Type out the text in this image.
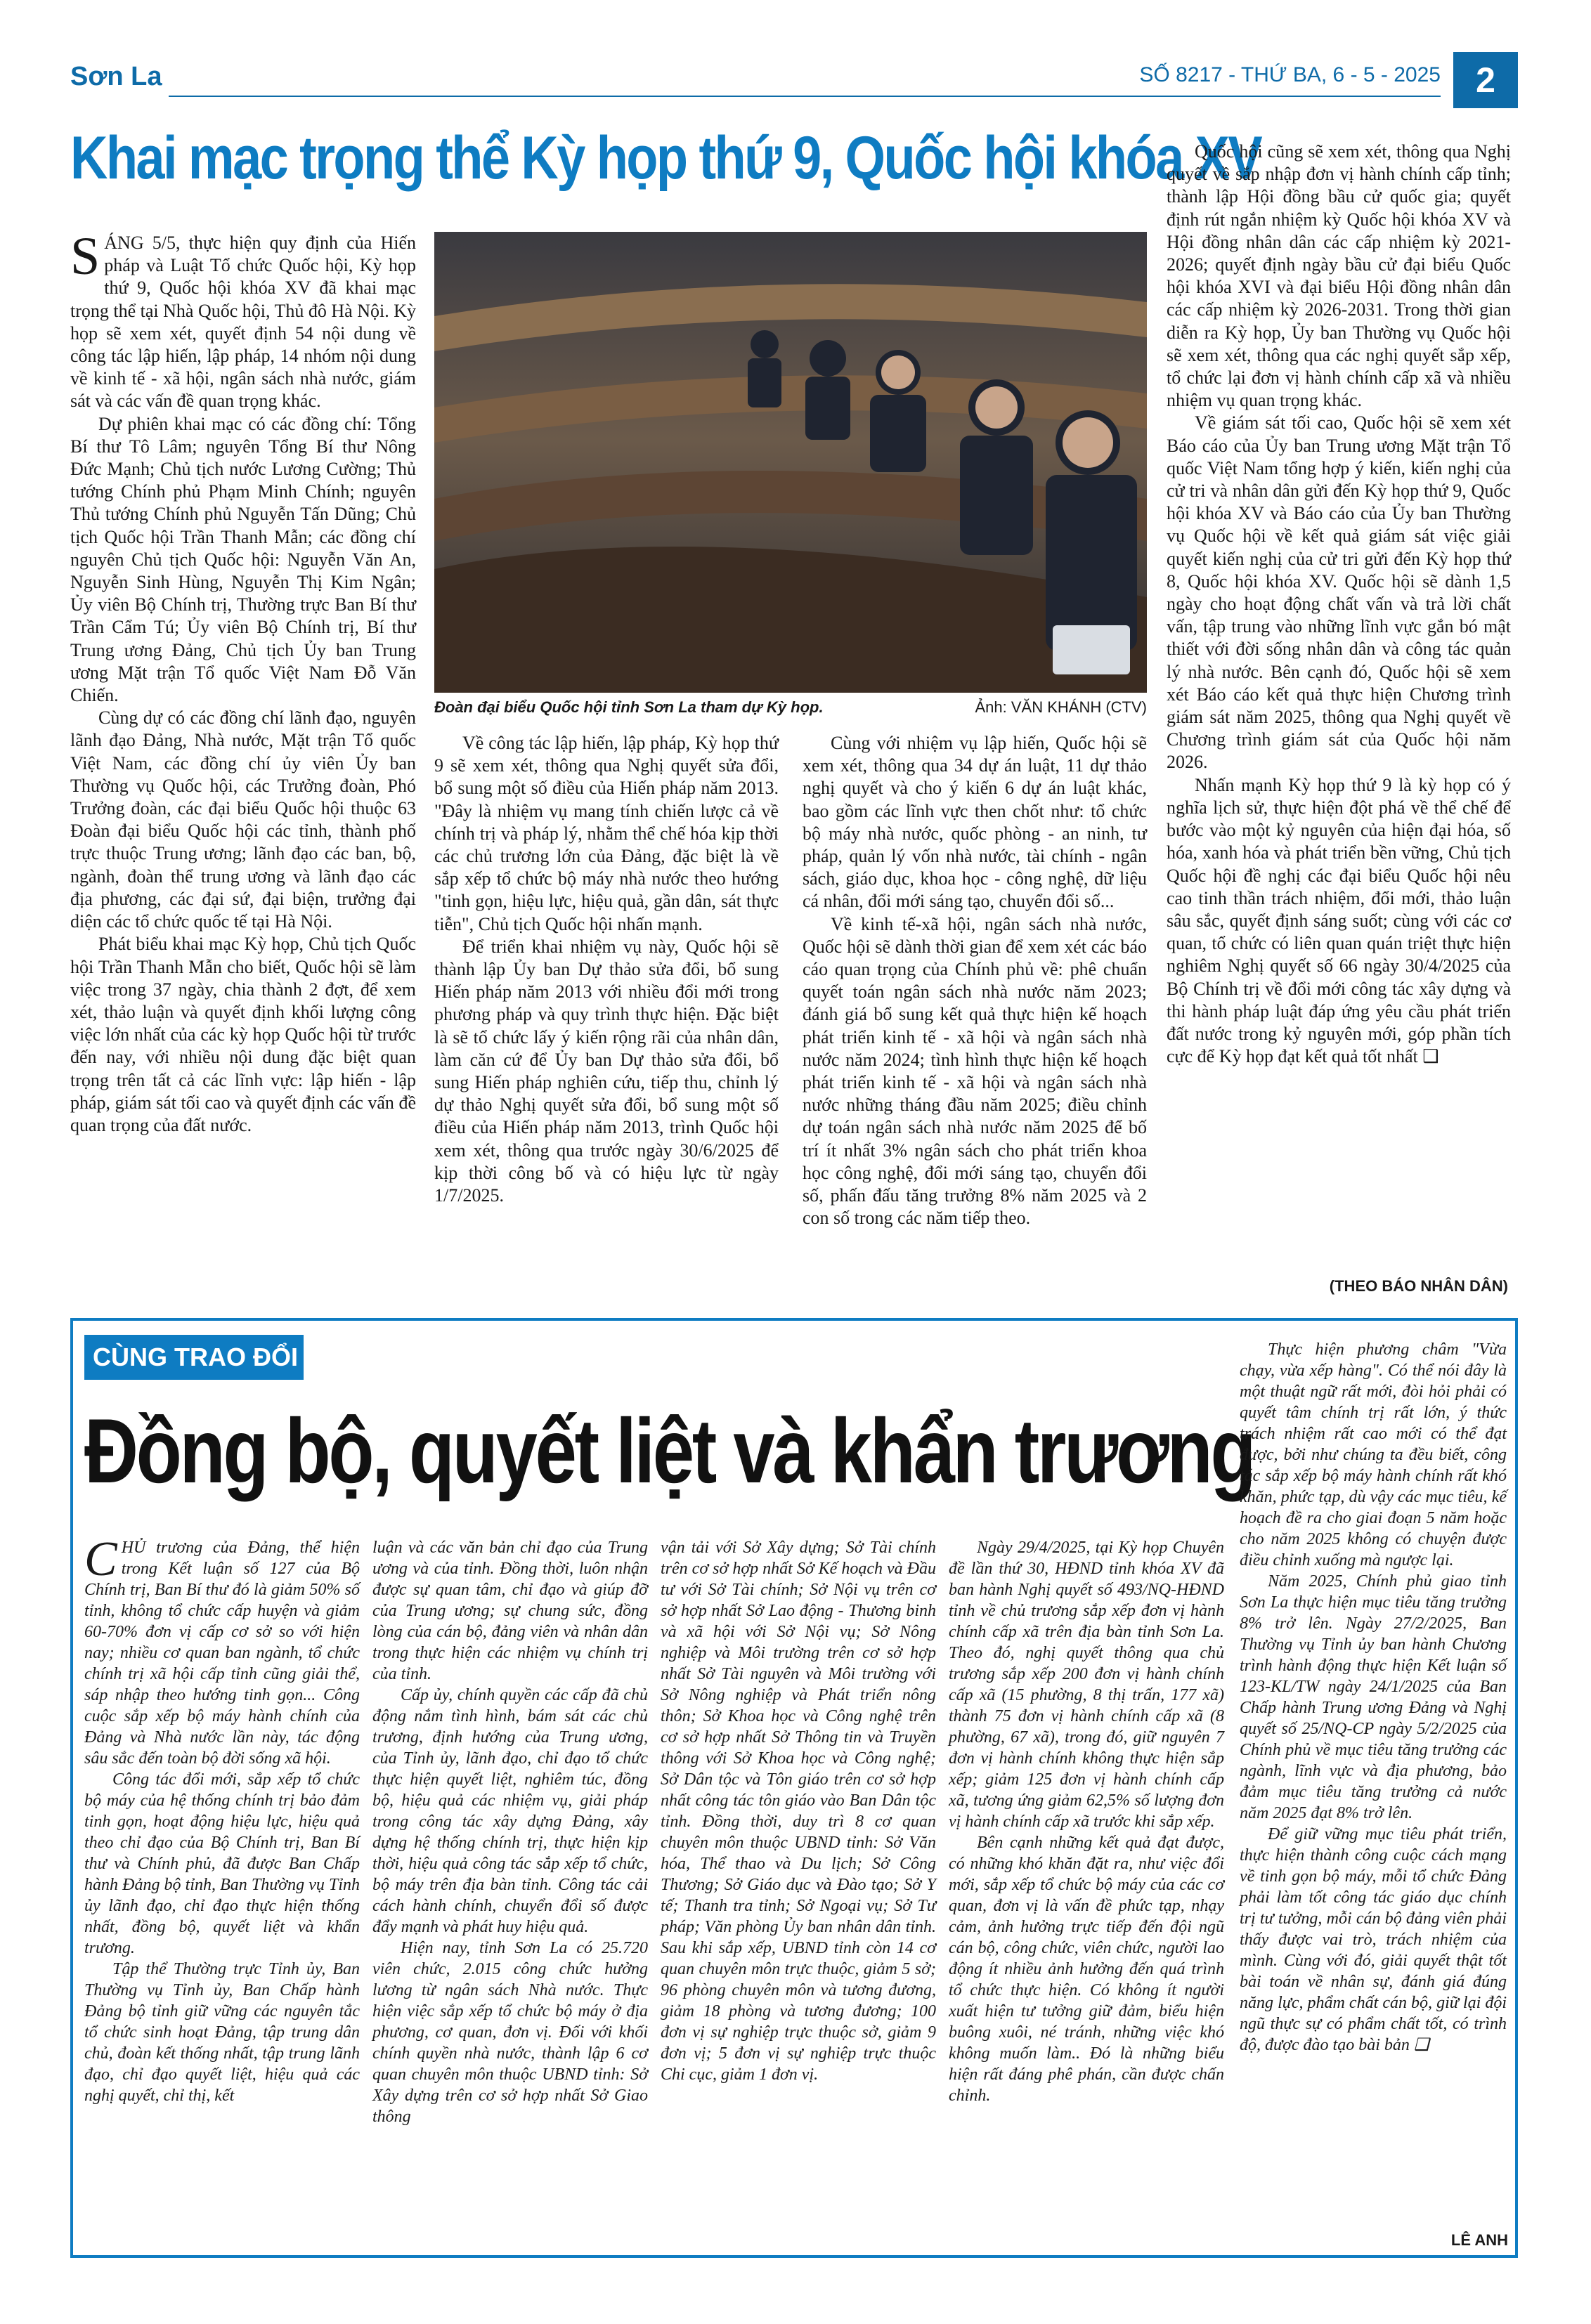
Sơn La	SỐ 8217 - THỨ BA, 6 - 5 - 2025	2
Khai mạc trọng thể Kỳ họp thứ 9, Quốc hội khóa XV

SÁNG 5/5, thực hiện quy định của Hiến pháp và Luật Tổ chức Quốc hội, Kỳ họp thứ 9, Quốc hội khóa XV đã khai mạc trọng thể tại Nhà Quốc hội, Thủ đô Hà Nội. Kỳ họp sẽ xem xét, quyết định 54 nội dung về công tác lập hiến, lập pháp, 14 nhóm nội dung về kinh tế - xã hội, ngân sách nhà nước, giám sát và các vấn đề quan trọng khác.

Dự phiên khai mạc có các đồng chí: Tổng Bí thư Tô Lâm; nguyên Tổng Bí thư Nông Đức Mạnh; Chủ tịch nước Lương Cường; Thủ tướng Chính phủ Phạm Minh Chính; nguyên Thủ tướng Chính phủ Nguyễn Tấn Dũng; Chủ tịch Quốc hội Trần Thanh Mẫn; các đồng chí nguyên Chủ tịch Quốc hội: Nguyễn Văn An, Nguyễn Sinh Hùng, Nguyễn Thị Kim Ngân; Ủy viên Bộ Chính trị, Thường trực Ban Bí thư Trần Cẩm Tú; Ủy viên Bộ Chính trị, Bí thư Trung ương Đảng, Chủ tịch Ủy ban Trung ương Mặt trận Tổ quốc Việt Nam Đỗ Văn Chiến.

Cùng dự có các đồng chí lãnh đạo, nguyên lãnh đạo Đảng, Nhà nước, Mặt trận Tổ quốc Việt Nam, các đồng chí ủy viên Ủy ban Thường vụ Quốc hội, các Trưởng đoàn, Phó Trưởng đoàn, các đại biểu Quốc hội thuộc 63 Đoàn đại biểu Quốc hội các tỉnh, thành phố trực thuộc Trung ương; lãnh đạo các ban, bộ, ngành, đoàn thể trung ương và lãnh đạo các địa phương, các đại sứ, đại biện, trưởng đại diện các tổ chức quốc tế tại Hà Nội.

Phát biểu khai mạc Kỳ họp, Chủ tịch Quốc hội Trần Thanh Mẫn cho biết, Quốc hội sẽ làm việc trong 37 ngày, chia thành 2 đợt, để xem xét, thảo luận và quyết định khối lượng công việc lớn nhất của các kỳ họp Quốc hội từ trước đến nay, với nhiều nội dung đặc biệt quan trọng trên tất cả các lĩnh vực: lập hiến - lập pháp, giám sát tối cao và quyết định các vấn đề quan trọng của đất nước.

Đoàn đại biểu Quốc hội tỉnh Sơn La tham dự Kỳ họp.	Ảnh: VĂN KHÁNH (CTV)

Về công tác lập hiến, lập pháp, Kỳ họp thứ 9 sẽ xem xét, thông qua Nghị quyết sửa đổi, bổ sung một số điều của Hiến pháp năm 2013. "Đây là nhiệm vụ mang tính chiến lược cả về chính trị và pháp lý, nhằm thể chế hóa kịp thời các chủ trương lớn của Đảng, đặc biệt là về sắp xếp tổ chức bộ máy nhà nước theo hướng "tinh gọn, hiệu lực, hiệu quả, gần dân, sát thực tiễn", Chủ tịch Quốc hội nhấn mạnh.

Để triển khai nhiệm vụ này, Quốc hội sẽ thành lập Ủy ban Dự thảo sửa đổi, bổ sung Hiến pháp năm 2013 với nhiều đổi mới trong phương pháp và quy trình thực hiện. Đặc biệt là sẽ tổ chức lấy ý kiến rộng rãi của nhân dân, làm căn cứ để Ủy ban Dự thảo sửa đổi, bổ sung Hiến pháp nghiên cứu, tiếp thu, chỉnh lý dự thảo Nghị quyết sửa đổi, bổ sung một số điều của Hiến pháp năm 2013, trình Quốc hội xem xét, thông qua trước ngày 30/6/2025 để kịp thời công bố và có hiệu lực từ ngày 1/7/2025.

Cùng với nhiệm vụ lập hiến, Quốc hội sẽ xem xét, thông qua 34 dự án luật, 11 dự thảo nghị quyết và cho ý kiến 6 dự án luật khác, bao gồm các lĩnh vực then chốt như: tổ chức bộ máy nhà nước, quốc phòng - an ninh, tư pháp, quản lý vốn nhà nước, tài chính - ngân sách, giáo dục, khoa học - công nghệ, dữ liệu cá nhân, đổi mới sáng tạo, chuyển đổi số...

Về kinh tế-xã hội, ngân sách nhà nước, Quốc hội sẽ dành thời gian để xem xét các báo cáo quan trọng của Chính phủ về: phê chuẩn quyết toán ngân sách nhà nước năm 2023; đánh giá bổ sung kết quả thực hiện kế hoạch phát triển kinh tế - xã hội và ngân sách nhà nước năm 2024; tình hình thực hiện kế hoạch phát triển kinh tế - xã hội và ngân sách nhà nước những tháng đầu năm 2025; điều chỉnh dự toán ngân sách nhà nước năm 2025 để bố trí ít nhất 3% ngân sách cho phát triển khoa học công nghệ, đổi mới sáng tạo, chuyển đổi số, phấn đấu tăng trưởng 8% năm 2025 và 2 con số trong các năm tiếp theo.

Quốc hội cũng sẽ xem xét, thông qua Nghị quyết về sắp nhập đơn vị hành chính cấp tỉnh; thành lập Hội đồng bầu cử quốc gia; quyết định rút ngắn nhiệm kỳ Quốc hội khóa XV và Hội đồng nhân dân các cấp nhiệm kỳ 2021-2026; quyết định ngày bầu cử đại biểu Quốc hội khóa XVI và đại biểu Hội đồng nhân dân các cấp nhiệm kỳ 2026-2031. Trong thời gian diễn ra Kỳ họp, Ủy ban Thường vụ Quốc hội sẽ xem xét, thông qua các nghị quyết sắp xếp, tổ chức lại đơn vị hành chính cấp xã và nhiều nhiệm vụ quan trọng khác.

Về giám sát tối cao, Quốc hội sẽ xem xét Báo cáo của Ủy ban Trung ương Mặt trận Tổ quốc Việt Nam tổng hợp ý kiến, kiến nghị của cử tri và nhân dân gửi đến Kỳ họp thứ 9, Quốc hội khóa XV và Báo cáo của Ủy ban Thường vụ Quốc hội về kết quả giám sát việc giải quyết kiến nghị của cử tri gửi đến Kỳ họp thứ 8, Quốc hội khóa XV. Quốc hội sẽ dành 1,5 ngày cho hoạt động chất vấn và trả lời chất vấn, tập trung vào những lĩnh vực gắn bó mật thiết với đời sống nhân dân và công tác quản lý nhà nước. Bên cạnh đó, Quốc hội sẽ xem xét Báo cáo kết quả thực hiện Chương trình giám sát năm 2025, thông qua Nghị quyết về Chương trình giám sát của Quốc hội năm 2026.

Nhấn mạnh Kỳ họp thứ 9 là kỳ họp có ý nghĩa lịch sử, thực hiện đột phá về thể chế để bước vào một kỷ nguyên của hiện đại hóa, số hóa, xanh hóa và phát triển bền vững, Chủ tịch Quốc hội đề nghị các đại biểu Quốc hội nêu cao tinh thần trách nhiệm, đổi mới, thảo luận sâu sắc, quyết định sáng suốt; cùng với các cơ quan, tổ chức có liên quan quán triệt thực hiện nghiêm Nghị quyết số 66 ngày 30/4/2025 của Bộ Chính trị về đổi mới công tác xây dựng và thi hành pháp luật đáp ứng yêu cầu phát triển đất nước trong kỷ nguyên mới, góp phần tích cực để Kỳ họp đạt kết quả tốt nhất ❑

(THEO BÁO NHÂN DÂN)
CÙNG TRAO ĐỔI
Đồng bộ, quyết liệt và khẩn trương

CHỦ trương của Đảng, thể hiện trong Kết luận số 127 của Bộ Chính trị, Ban Bí thư đó là giảm 50% số tỉnh, không tổ chức cấp huyện và giảm 60-70% đơn vị cấp cơ sở so với hiện nay; nhiều cơ quan ban ngành, tổ chức chính trị xã hội cấp tỉnh cũng giải thể, sáp nhập theo hướng tinh gọn... Công cuộc sắp xếp bộ máy hành chính của Đảng và Nhà nước lần này, tác động sâu sắc đến toàn bộ đời sống xã hội.

Công tác đổi mới, sắp xếp tổ chức bộ máy của hệ thống chính trị bảo đảm tinh gọn, hoạt động hiệu lực, hiệu quả theo chỉ đạo của Bộ Chính trị, Ban Bí thư và Chính phủ, đã được Ban Chấp hành Đảng bộ tỉnh, Ban Thường vụ Tỉnh ủy lãnh đạo, chỉ đạo thực hiện thống nhất, đồng bộ, quyết liệt và khẩn trương.

Tập thể Thường trực Tỉnh ủy, Ban Thường vụ Tỉnh ủy, Ban Chấp hành Đảng bộ tỉnh giữ vững các nguyên tắc tổ chức sinh hoạt Đảng, tập trung dân chủ, đoàn kết thống nhất, tập trung lãnh đạo, chỉ đạo quyết liệt, hiệu quả các nghị quyết, chỉ thị, kết

luận và các văn bản chỉ đạo của Trung ương và của tỉnh. Đồng thời, luôn nhận được sự quan tâm, chỉ đạo và giúp đỡ của Trung ương; sự chung sức, đồng lòng của cán bộ, đảng viên và nhân dân trong thực hiện các nhiệm vụ chính trị của tỉnh.

Cấp ủy, chính quyền các cấp đã chủ động nắm tình hình, bám sát các chủ trương, định hướng của Trung ương, của Tỉnh ủy, lãnh đạo, chỉ đạo tổ chức thực hiện quyết liệt, nghiêm túc, đồng bộ, hiệu quả các nhiệm vụ, giải pháp trong công tác xây dựng Đảng, xây dựng hệ thống chính trị, thực hiện kịp thời, hiệu quả công tác sắp xếp tổ chức, bộ máy trên địa bàn tỉnh. Công tác cải cách hành chính, chuyển đổi số được đẩy mạnh và phát huy hiệu quả.

Hiện nay, tỉnh Sơn La có 25.720 viên chức, 2.015 công chức hưởng lương từ ngân sách Nhà nước. Thực hiện việc sắp xếp tổ chức bộ máy ở địa phương, cơ quan, đơn vị. Đối với khối chính quyền nhà nước, thành lập 6 cơ quan chuyên môn thuộc UBND tỉnh: Sở Xây dựng trên cơ sở hợp nhất Sở Giao thông

vận tải với Sở Xây dựng; Sở Tài chính trên cơ sở hợp nhất Sở Kế hoạch và Đầu tư với Sở Tài chính; Sở Nội vụ trên cơ sở hợp nhất Sở Lao động - Thương binh và xã hội với Sở Nội vụ; Sở Nông nghiệp và Môi trường trên cơ sở hợp nhất Sở Tài nguyên và Môi trường với Sở Nông nghiệp và Phát triển nông thôn; Sở Khoa học và Công nghệ trên cơ sở hợp nhất Sở Thông tin và Truyền thông với Sở Khoa học và Công nghệ; Sở Dân tộc và Tôn giáo trên cơ sở hợp nhất công tác tôn giáo vào Ban Dân tộc tỉnh. Đồng thời, duy trì 8 cơ quan chuyên môn thuộc UBND tỉnh: Sở Văn hóa, Thể thao và Du lịch; Sở Công Thương; Sở Giáo dục và Đào tạo; Sở Y tế; Thanh tra tỉnh; Sở Ngoại vụ; Sở Tư pháp; Văn phòng Ủy ban nhân dân tỉnh. Sau khi sắp xếp, UBND tỉnh còn 14 cơ quan chuyên môn trực thuộc, giảm 5 sở; 96 phòng chuyên môn và tương đương, giảm 18 phòng và tương đương; 100 đơn vị sự nghiệp trực thuộc sở, giảm 9 đơn vị; 5 đơn vị sự nghiệp trực thuộc Chi cục, giảm 1 đơn vị.

Ngày 29/4/2025, tại Kỳ họp Chuyên đề lần thứ 30, HĐND tỉnh khóa XV đã ban hành Nghị quyết số 493/NQ-HĐND tỉnh về chủ trương sắp xếp đơn vị hành chính cấp xã trên địa bàn tỉnh Sơn La. Theo đó, nghị quyết thông qua chủ trương sắp xếp 200 đơn vị hành chính cấp xã (15 phường, 8 thị trấn, 177 xã) thành 75 đơn vị hành chính cấp xã (8 phường, 67 xã), trong đó, giữ nguyên 7 đơn vị hành chính không thực hiện sắp xếp; giảm 125 đơn vị hành chính cấp xã, tương ứng giảm 62,5% số lượng đơn vị hành chính cấp xã trước khi sắp xếp.

Bên cạnh những kết quả đạt được, có những khó khăn đặt ra, như việc đổi mới, sắp xếp tổ chức bộ máy của các cơ quan, đơn vị là vấn đề phức tạp, nhạy cảm, ảnh hưởng trực tiếp đến đội ngũ cán bộ, công chức, viên chức, người lao động ít nhiều ảnh hưởng đến quá trình tổ chức thực hiện. Có không ít người xuất hiện tư tưởng giữ đảm, biểu hiện buông xuôi, né tránh, những việc khó không muốn làm.. Đó là những biểu hiện rất đáng phê phán, cần được chấn chỉnh.

Thực hiện phương châm "Vừa chạy, vừa xếp hàng". Có thể nói đây là một thuật ngữ rất mới, đòi hỏi phải có quyết tâm chính trị rất lớn, ý thức trách nhiệm rất cao mới có thể đạt được, bởi như chúng ta đều biết, công tác sắp xếp bộ máy hành chính rất khó khăn, phức tạp, dù vậy các mục tiêu, kế hoạch đề ra cho giai đoạn 5 năm hoặc cho năm 2025 không có chuyện được điều chỉnh xuống mà ngược lại.

Năm 2025, Chính phủ giao tỉnh Sơn La thực hiện mục tiêu tăng trưởng 8% trở lên. Ngày 27/2/2025, Ban Thường vụ Tỉnh ủy ban hành Chương trình hành động thực hiện Kết luận số 123-KL/TW ngày 24/1/2025 của Ban Chấp hành Trung ương Đảng và Nghị quyết số 25/NQ-CP ngày 5/2/2025 của Chính phủ về mục tiêu tăng trưởng các ngành, lĩnh vực và địa phương, bảo đảm mục tiêu tăng trưởng cả nước năm 2025 đạt 8% trở lên.

Để giữ vững mục tiêu phát triển, thực hiện thành công cuộc cách mạng về tinh gọn bộ máy, mỗi tổ chức Đảng phải làm tốt công tác giáo dục chính trị tư tưởng, mỗi cán bộ đảng viên phải thấy được vai trò, trách nhiệm của mình. Cùng với đó, giải quyết thật tốt bài toán về nhân sự, đánh giá đúng năng lực, phẩm chất cán bộ, giữ lại đội ngũ thực sự có phẩm chất tốt, có trình độ, được đào tạo bài bản ❑

LÊ ANH
